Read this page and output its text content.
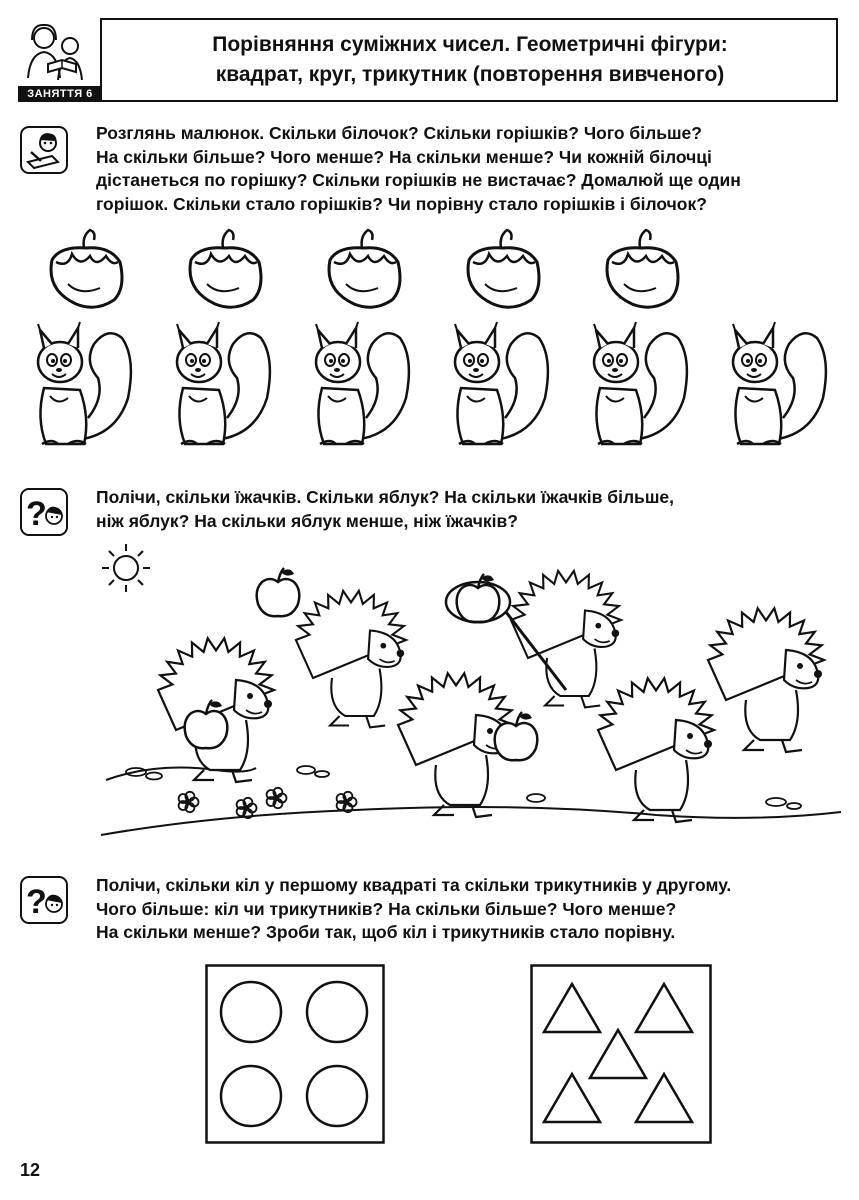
ЗАНЯТТЯ 6
Порівняння суміжних чисел. Геометричні фігури:
квадрат, круг, трикутник (повторення вивченого)
Розглянь малюнок. Скільки білочок? Скільки горішків? Чого більше?
На скільки більше? Чого менше? На скільки менше? Чи кожній білочці
дістанеться по горішку? Скільки горішків не вистачає? Домалюй ще один
горішок. Скільки стало горішків? Чи порівну стало горішків і білочок?
?	Полічи, скільки їжачків. Скільки яблук? На скільки їжачків більше,
ніж яблук? На скільки яблук менше, ніж їжачків?
?	Полічи, скільки кіл у першому квадраті та скільки трикутників у другому.
Чого більше: кіл чи трикутників? На скільки більше? Чого менше?
На скільки менше? Зроби так, щоб кіл і трикутників стало порівну.
12
